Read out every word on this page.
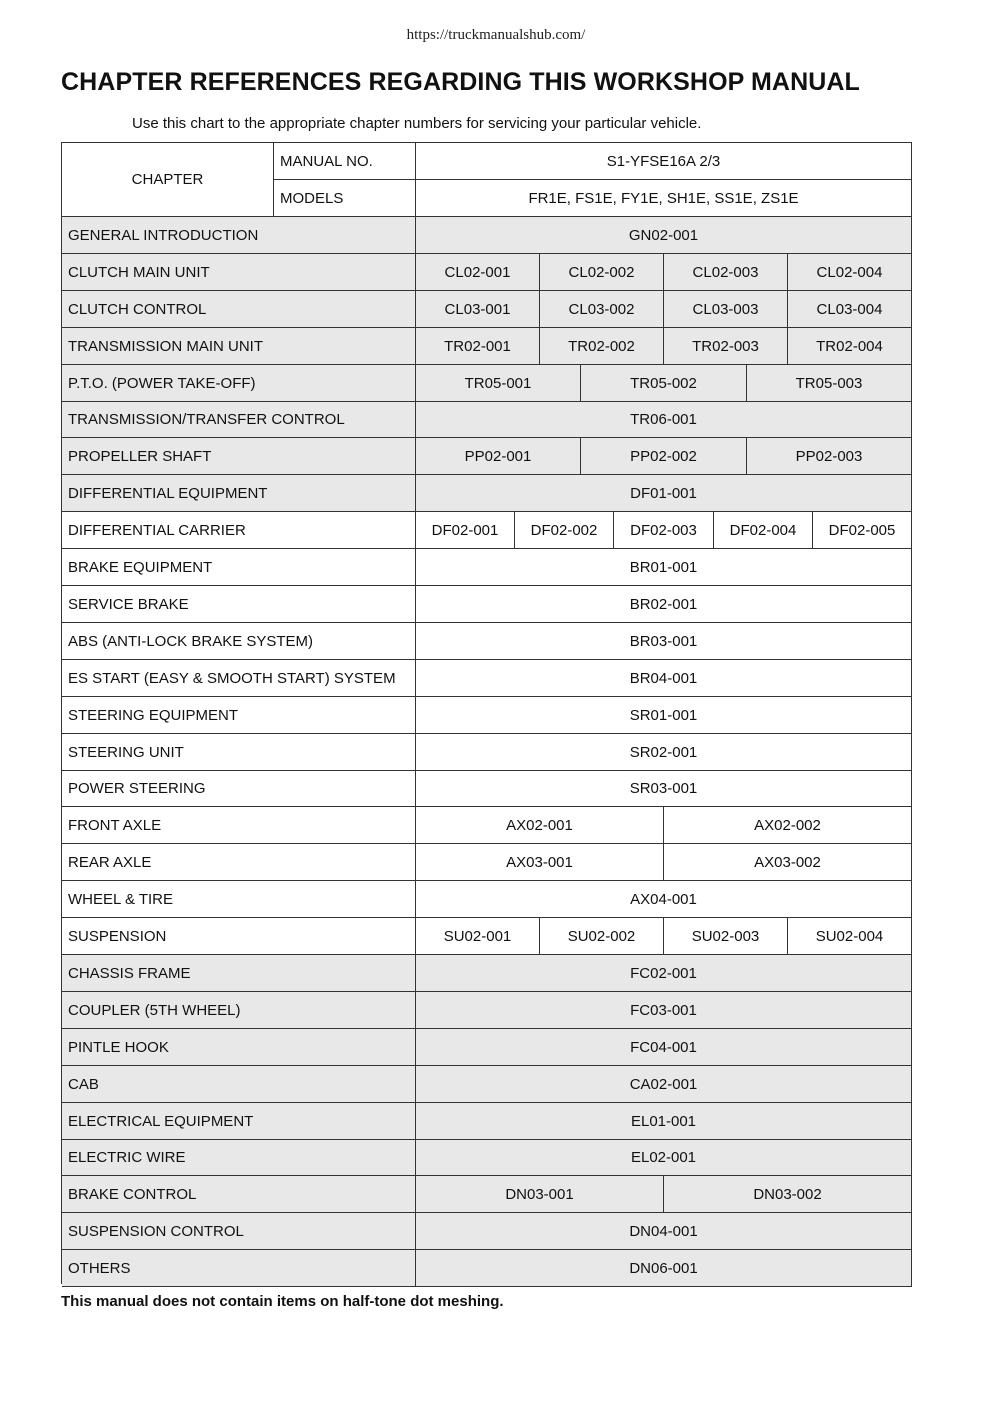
https://truckmanualshub.com/
CHAPTER REFERENCES REGARDING THIS WORKSHOP MANUAL
Use this chart to the appropriate chapter numbers for servicing your particular vehicle.
CHAPTER
MANUAL NO.	S1-YFSE16A 2/3
MODELS	FR1E, FS1E, FY1E, SH1E, SS1E, ZS1E
GENERAL INTRODUCTION	GN02-001
CLUTCH MAIN UNIT	CL02-001	CL02-002	CL02-003	CL02-004
CLUTCH CONTROL	CL03-001	CL03-002	CL03-003	CL03-004
TRANSMISSION MAIN UNIT	TR02-001	TR02-002	TR02-003	TR02-004
P.T.O. (POWER TAKE-OFF)	TR05-001	TR05-002	TR05-003
TRANSMISSION/TRANSFER CONTROL	TR06-001
PROPELLER SHAFT	PP02-001	PP02-002	PP02-003
DIFFERENTIAL EQUIPMENT	DF01-001
DIFFERENTIAL CARRIER	DF02-001	DF02-002	DF02-003	DF02-004	DF02-005
BRAKE EQUIPMENT	BR01-001
SERVICE BRAKE	BR02-001
ABS (ANTI-LOCK BRAKE SYSTEM)	BR03-001
ES START (EASY & SMOOTH START) SYSTEM	BR04-001
STEERING EQUIPMENT	SR01-001
STEERING UNIT	SR02-001
POWER STEERING	SR03-001
FRONT AXLE	AX02-001	AX02-002
REAR AXLE	AX03-001	AX03-002
WHEEL & TIRE	AX04-001
SUSPENSION	SU02-001	SU02-002	SU02-003	SU02-004
CHASSIS FRAME	FC02-001
COUPLER (5TH WHEEL)	FC03-001
PINTLE HOOK	FC04-001
CAB	CA02-001
ELECTRICAL EQUIPMENT	EL01-001
ELECTRIC WIRE	EL02-001
BRAKE CONTROL	DN03-001	DN03-002
SUSPENSION CONTROL	DN04-001
OTHERS	DN06-001
This manual does not contain items on half-tone dot meshing.
